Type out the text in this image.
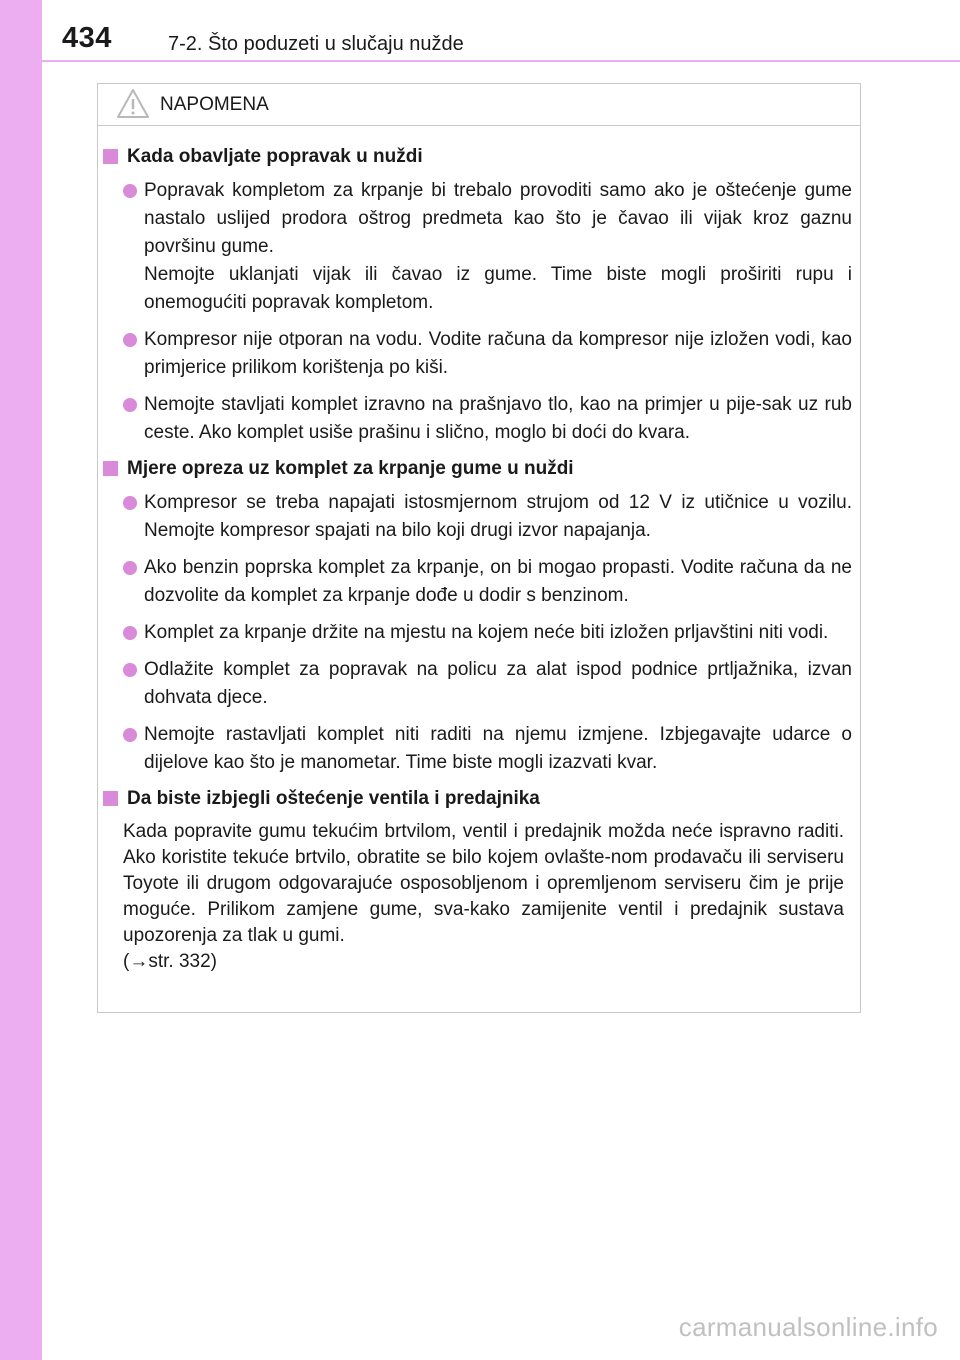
434	7-2. Što poduzeti u slučaju nužde
NAPOMENA
Kada obavljate popravak u nuždi

Popravak kompletom za krpanje bi trebalo provoditi samo ako je oštećenje gume nastalo uslijed prodora oštrog predmeta kao što je čavao ili vijak kroz gaznu površinu gume.

Nemojte uklanjati vijak ili čavao iz gume. Time biste mogli proširiti rupu i onemogućiti popravak kompletom.

Kompresor nije otporan na vodu. Vodite računa da kompresor nije izložen vodi, kao primjerice prilikom korištenja po kiši.

Nemojte stavljati komplet izravno na prašnjavo tlo, kao na primjer u pije-sak uz rub ceste. Ako komplet usiše prašinu i slično, moglo bi doći do kvara.

Mjere opreza uz komplet za krpanje gume u nuždi

Kompresor se treba napajati istosmjernom strujom od 12 V iz utičnice u vozilu. Nemojte kompresor spajati na bilo koji drugi izvor napajanja.

Ako benzin poprska komplet za krpanje, on bi mogao propasti. Vodite računa da ne dozvolite da komplet za krpanje dođe u dodir s benzinom.

Komplet za krpanje držite na mjestu na kojem neće biti izložen prljavštini niti vodi.

Odlažite komplet za popravak na policu za alat ispod podnice prtljažnika, izvan dohvata djece.

Nemojte rastavljati komplet niti raditi na njemu izmjene. Izbjegavajte udarce o dijelove kao što je manometar. Time biste mogli izazvati kvar.

Da biste izbjegli oštećenje ventila i predajnika

Kada popravite gumu tekućim brtvilom, ventil i predajnik možda neće ispravno raditi. Ako koristite tekuće brtvilo, obratite se bilo kojem ovlašte-nom prodavaču ili serviseru Toyote ili drugom odgovarajuće osposobljenom i opremljenom serviseru čim je prije moguće. Prilikom zamjene gume, sva-kako zamijenite ventil i predajnik sustava upozorenja za tlak u gumi.

(→str. 332)

carmanualsonline.info
